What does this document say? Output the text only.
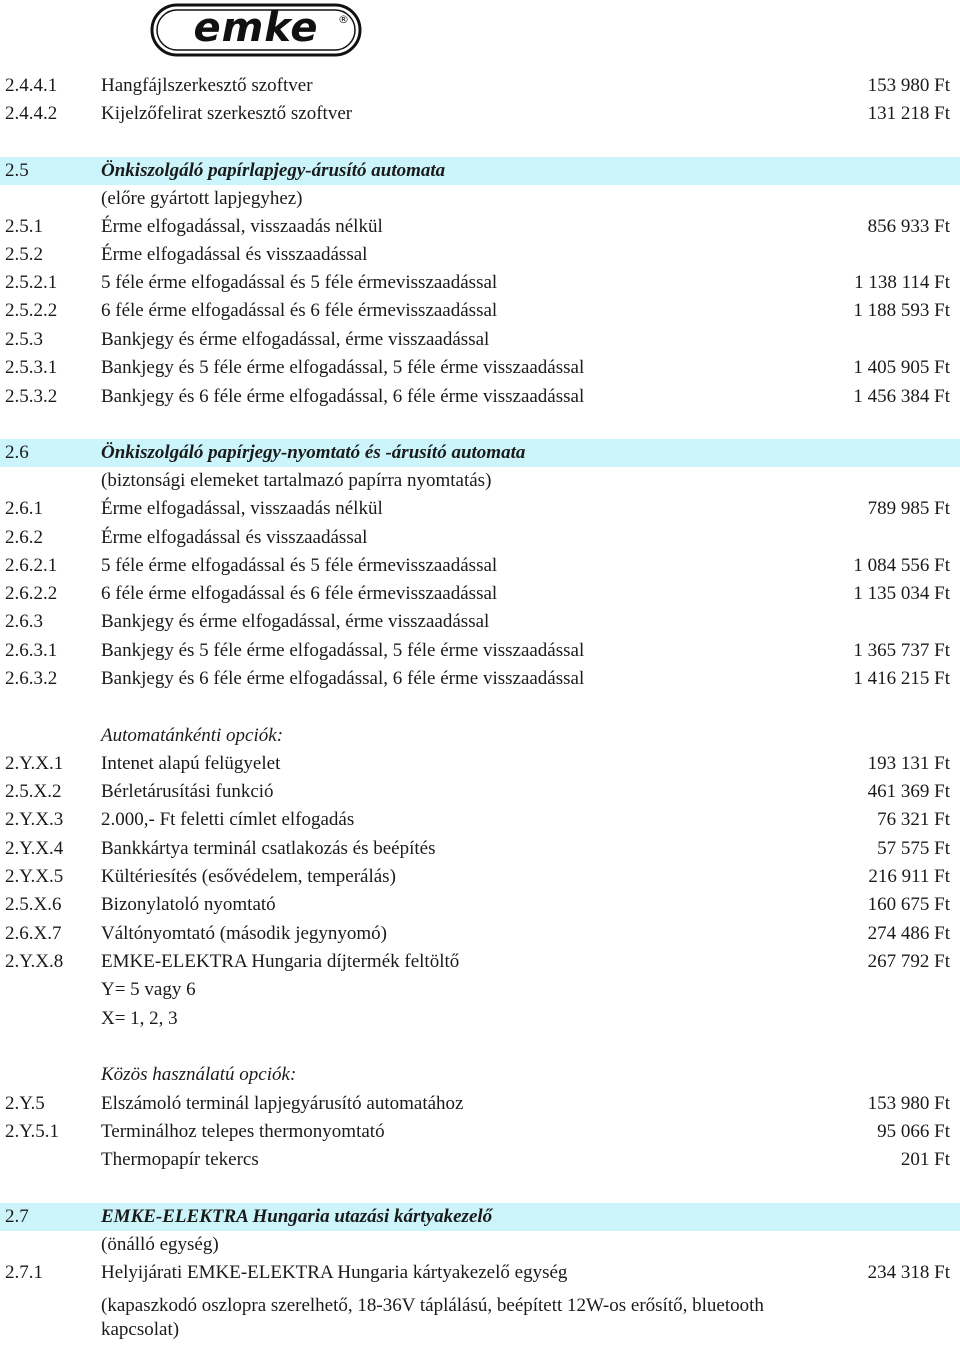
emke	®
2.4.4.1 Hangfájlszerkesztő szoftver	153 980 Ft
2.4.4.2 Kijelzőfelirat szerkesztő szoftver	131 218 Ft
2.5	Önkiszolgáló papírlapjegy-árusító automata
(előre gyártott lapjegyhez)
2.5.1	Érme elfogadással, visszaadás nélkül	856 933 Ft
2.5.2	Érme elfogadással és visszaadással
2.5.2.1 5 féle érme elfogadással és 5 féle érmevisszaadással	1 138 114 Ft
2.5.2.2 6 féle érme elfogadással és 6 féle érmevisszaadással	1 188 593 Ft
2.5.3	Bankjegy és érme elfogadással, érme visszaadással
2.5.3.1 Bankjegy és 5 féle érme elfogadással, 5 féle érme visszaadással	1 405 905 Ft
2.5.3.2 Bankjegy és 6 féle érme elfogadással, 6 féle érme visszaadással	1 456 384 Ft
2.6	Önkiszolgáló papírjegy-nyomtató és -árusító automata
(biztonsági elemeket tartalmazó papírra nyomtatás)
2.6.1	Érme elfogadással, visszaadás nélkül	789 985 Ft
2.6.2	Érme elfogadással és visszaadással
2.6.2.1 5 féle érme elfogadással és 5 féle érmevisszaadással	1 084 556 Ft
2.6.2.2 6 féle érme elfogadással és 6 féle érmevisszaadással	1 135 034 Ft
2.6.3	Bankjegy és érme elfogadással, érme visszaadással
2.6.3.1 Bankjegy és 5 féle érme elfogadással, 5 féle érme visszaadással	1 365 737 Ft
2.6.3.2 Bankjegy és 6 féle érme elfogadással, 6 féle érme visszaadással	1 416 215 Ft
Automatánkénti opciók:
2.Y.X.1 Intenet alapú felügyelet	193 131 Ft
2.5.X.2 Bérletárusítási funkció	461 369 Ft
2.Y.X.3 2.000,- Ft feletti címlet elfogadás	76 321 Ft
2.Y.X.4 Bankkártya terminál csatlakozás és beépítés	57 575 Ft
2.Y.X.5 Kültériesítés (esővédelem, temperálás)	216 911 Ft
2.5.X.6 Bizonylatoló nyomtató	160 675 Ft
2.6.X.7 Váltónyomtató (második jegynyomó)	274 486 Ft
2.Y.X.8 EMKE-ELEKTRA Hungaria díjtermék feltöltő	267 792 Ft
Y= 5 vagy 6
X= 1, 2, 3
Közös használatú opciók:
2.Y.5	Elszámoló terminál lapjegyárusító automatához	153 980 Ft
2.Y.5.1 Terminálhoz telepes thermonyomtató	95 066 Ft
Thermopapír tekercs	201 Ft
2.7	EMKE-ELEKTRA Hungaria utazási kártyakezelő
(önálló egység)
2.7.1	Helyijárati EMKE-ELEKTRA Hungaria kártyakezelő egység	234 318 Ft
(kapaszkodó oszlopra szerelhető, 18-36V táplálású, beépített 12W-os erősítő, bluetooth kapcsolat)
